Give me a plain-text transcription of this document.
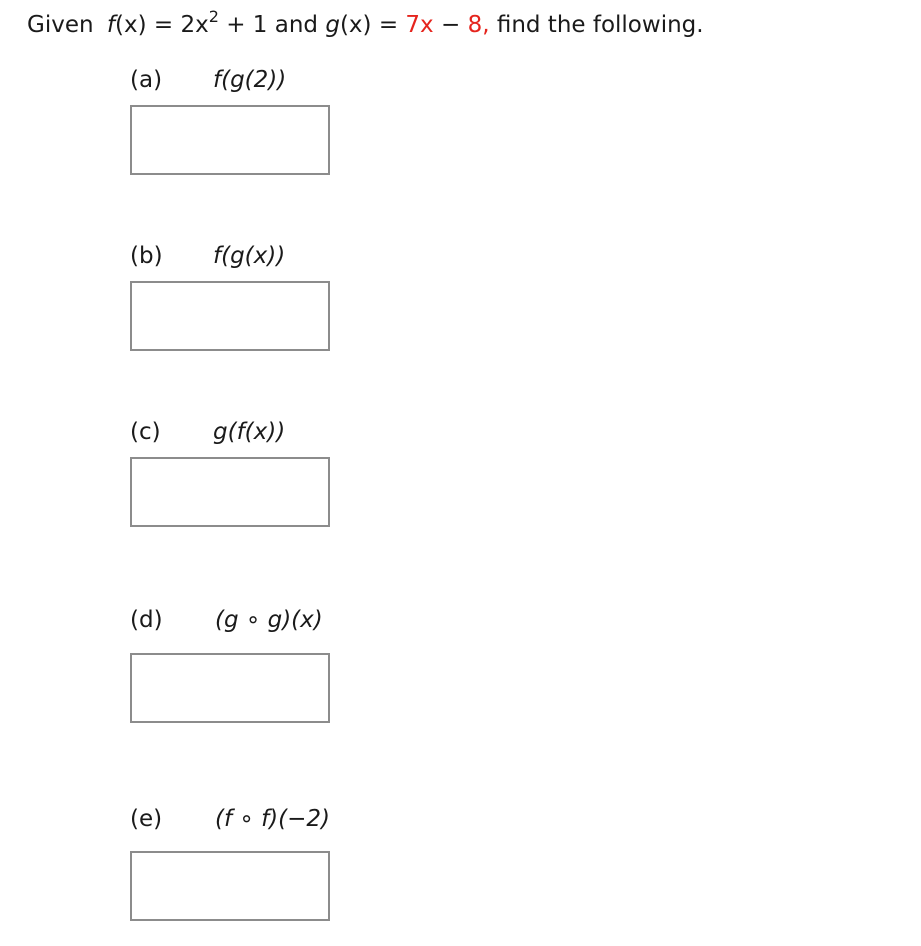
Given $f(x) = 2x^2 + 1$ and g(x) = 7x − 8, find the following.
(a) f(g(2))
(b) f(g(x))
(c) g(f(x))
(d) (g ∘ g)(x)
(e) (f ∘ f)(−2)
